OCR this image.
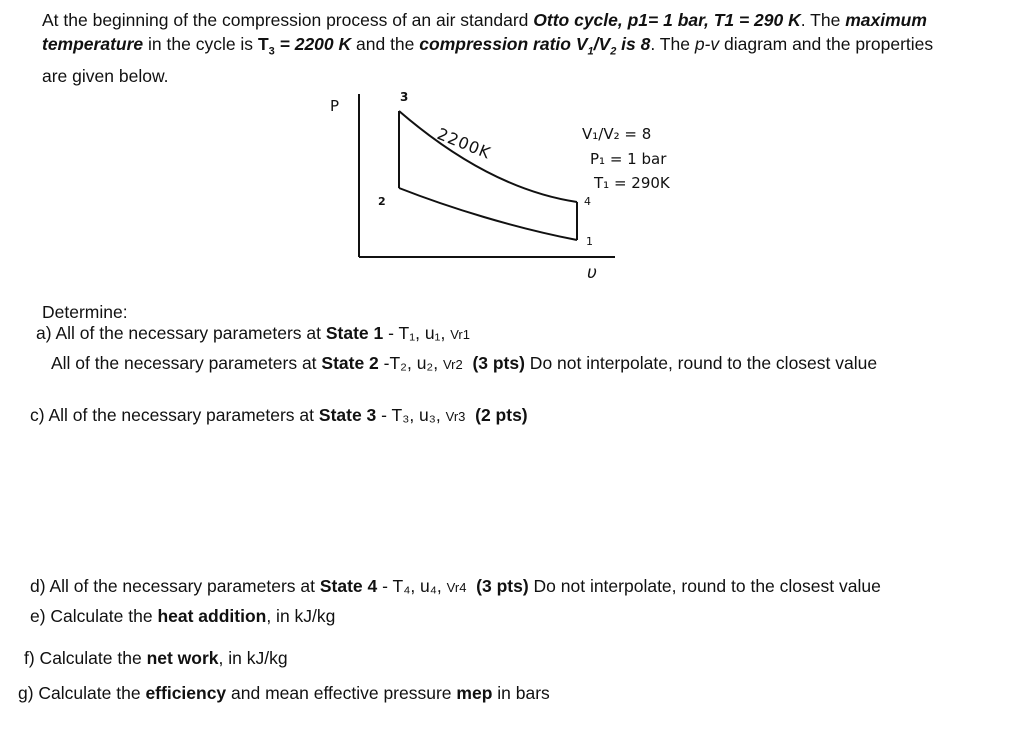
At the beginning of the compression process of an air standard Otto cycle, p1= 1 bar, T1 = 290 K. The maximum temperature in the cycle is $T_3 = 2200$ K and the compression ratio $V_1/V_2$ is 8. The p-v diagram and the properties are given below.
P	3
2	4
1
2200K
υ
V₁/V₂ = 8
P₁ = 1 bar
T₁ = 290K
Determine:
a) All of the necessary parameters at State 1 - T₁, u₁, Vr1
All of the necessary parameters at State 2 -T₂, u₂, Vr2 (3 pts) Do not interpolate, round to the closest value
c) All of the necessary parameters at State 3 - T₃, u₃, Vr3 (2 pts)
d) All of the necessary parameters at State 4 - T₄, u₄, Vr4 (3 pts) Do not interpolate, round to the closest value
e) Calculate the heat addition, in kJ/kg
f) Calculate the net work, in kJ/kg
g) Calculate the efficiency and mean effective pressure mep in bars
